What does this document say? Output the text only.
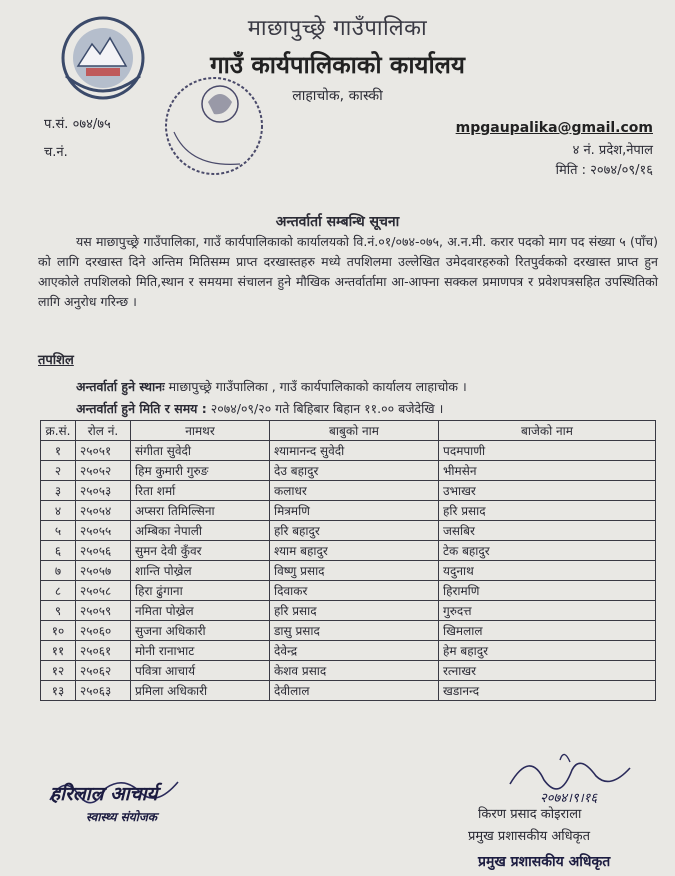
माछापुच्छ्रे गाउँपालिका
गाउँ कार्यपालिकाको कार्यालय
लाहाचोक, कास्की
प.सं. ०७४/७५
च.नं.
mpgaupalika@gmail.com
४ नं. प्रदेश,नेपाल
मिति : २०७४/०९/१६
अन्तर्वार्ता सम्बन्धि सूचना
यस माछापुच्छ्रे गाउँपालिका, गाउँ कार्यपालिकाको कार्यालयको वि.नं.०१/०७४-०७५, अ.न.मी. करार पदको माग पद संख्या ५ (पाँच) को लागि दरखास्त दिने अन्तिम मितिसम्म प्राप्त दरखास्तहरु मध्ये तपशिलमा उल्लेखित उमेदवारहरुको रितपुर्वकको दरखास्त प्राप्त हुन आएकोले तपशिलको मिति,स्थान र समयमा संचालन हुने मौखिक अन्तर्वार्तामा आ-आफ्ना सक्कल प्रमाणपत्र र प्रवेशपत्रसहित उपस्थितिको लागि अनुरोध गरिन्छ ।
तपशिल
अन्तर्वार्ता हुने स्थानः माछापुच्छ्रे गाउँपालिका , गाउँ कार्यपालिकाको कार्यालय लाहाचोक ।
अन्तर्वार्ता हुने मिति र समय : २०७४/०९/२० गते बिहिबार बिहान ११.०० बजेदेखि ।
क्र.सं.	रोल नं.	नामथर	बाबुको नाम	बाजेको नाम
१	२५०५१	संगीता सुवेदी	श्यामानन्द सुवेदी	पदमपाणी
२	२५०५२	हिम कुमारी गुरुङ	देउ बहादुर	भीमसेन
३	२५०५३	रिता शर्मा	कलाधर	उभाखर
४	२५०५४	अप्सरा तिमिल्सिना	मित्रमणि	हरि प्रसाद
५	२५०५५	अम्बिका नेपाली	हरि बहादुर	जसबिर
६	२५०५६	सुमन देवी कुँवर	श्याम बहादुर	टेक बहादुर
७	२५०५७	शान्ति पोख्रेल	विष्णु प्रसाद	यदुनाथ
८	२५०५८	हिरा ढुंगाना	दिवाकर	हिरामणि
९	२५०५९	नमिता पोख्रेल	हरि प्रसाद	गुरुदत्त
१०	२५०६०	सुजना अधिकारी	डासु प्रसाद	खिमलाल
११	२५०६१	मोनी रानाभाट	देवेन्द्र	हेम बहादुर
१२	२५०६२	पवित्रा आचार्य	केशव प्रसाद	रत्नाखर
१३	२५०६३	प्रमिला अधिकारी	देवीलाल	खडानन्द
हरिलाल आचार्य
स्वास्थ्य संयोजक
२०७४।९।१६
किरण प्रसाद कोइराला
प्रमुख प्रशासकीय अधिकृत
प्रमुख प्रशासकीय अधिकृत
